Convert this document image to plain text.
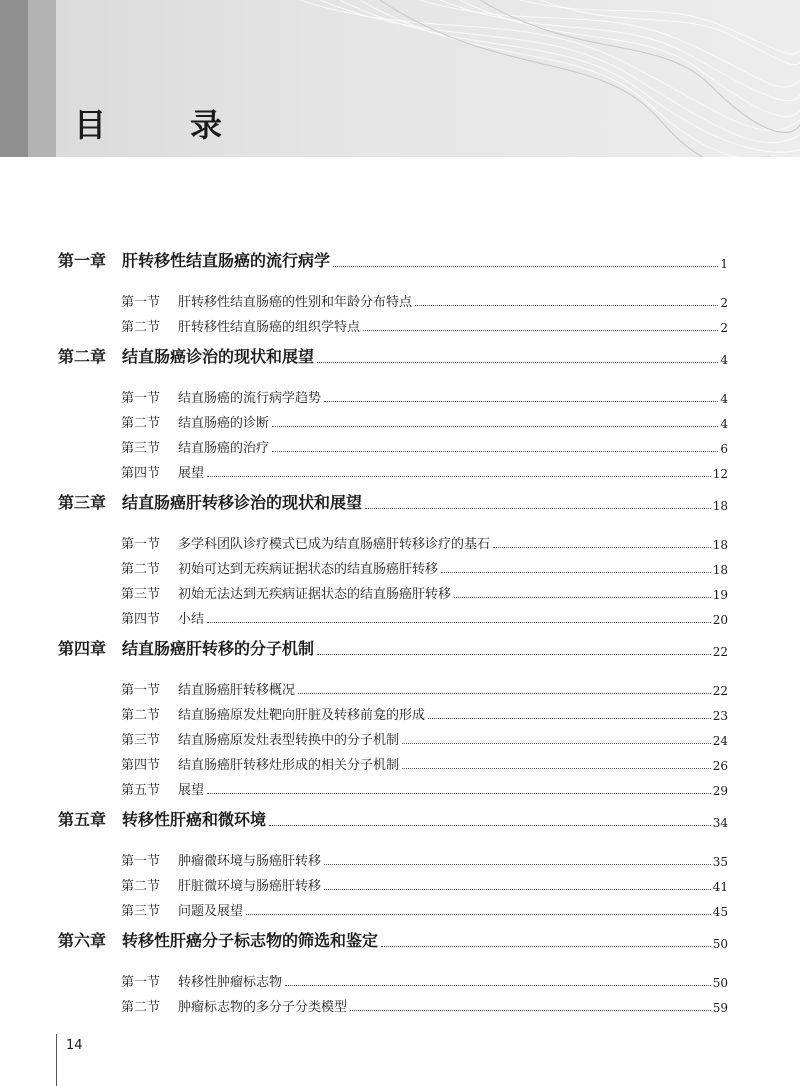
目　录
第一章 肝转移性结直肠癌的流行病学	1
第一节	肝转移性结直肠癌的性别和年龄分布特点	2
第二节	肝转移性结直肠癌的组织学特点	2
第二章 结直肠癌诊治的现状和展望	4
第一节	结直肠癌的流行病学趋势	4
第二节	结直肠癌的诊断	4
第三节	结直肠癌的治疗	6
第四节	展望	12
第三章 结直肠癌肝转移诊治的现状和展望	18
第一节	多学科团队诊疗模式已成为结直肠癌肝转移诊疗的基石	18
第二节	初始可达到无疾病证据状态的结直肠癌肝转移	18
第三节	初始无法达到无疾病证据状态的结直肠癌肝转移	19
第四节	小结	20
第四章 结直肠癌肝转移的分子机制	22
第一节	结直肠癌肝转移概况	22
第二节	结直肠癌原发灶靶向肝脏及转移前龛的形成	23
第三节	结直肠癌原发灶表型转换中的分子机制	24
第四节	结直肠癌肝转移灶形成的相关分子机制	26
第五节	展望	29
第五章 转移性肝癌和微环境	34
第一节	肿瘤微环境与肠癌肝转移	35
第二节	肝脏微环境与肠癌肝转移	41
第三节	问题及展望	45
第六章 转移性肝癌分子标志物的筛选和鉴定	50
第一节	转移性肿瘤标志物	50
第二节	肿瘤标志物的多分子分类模型	59
14
